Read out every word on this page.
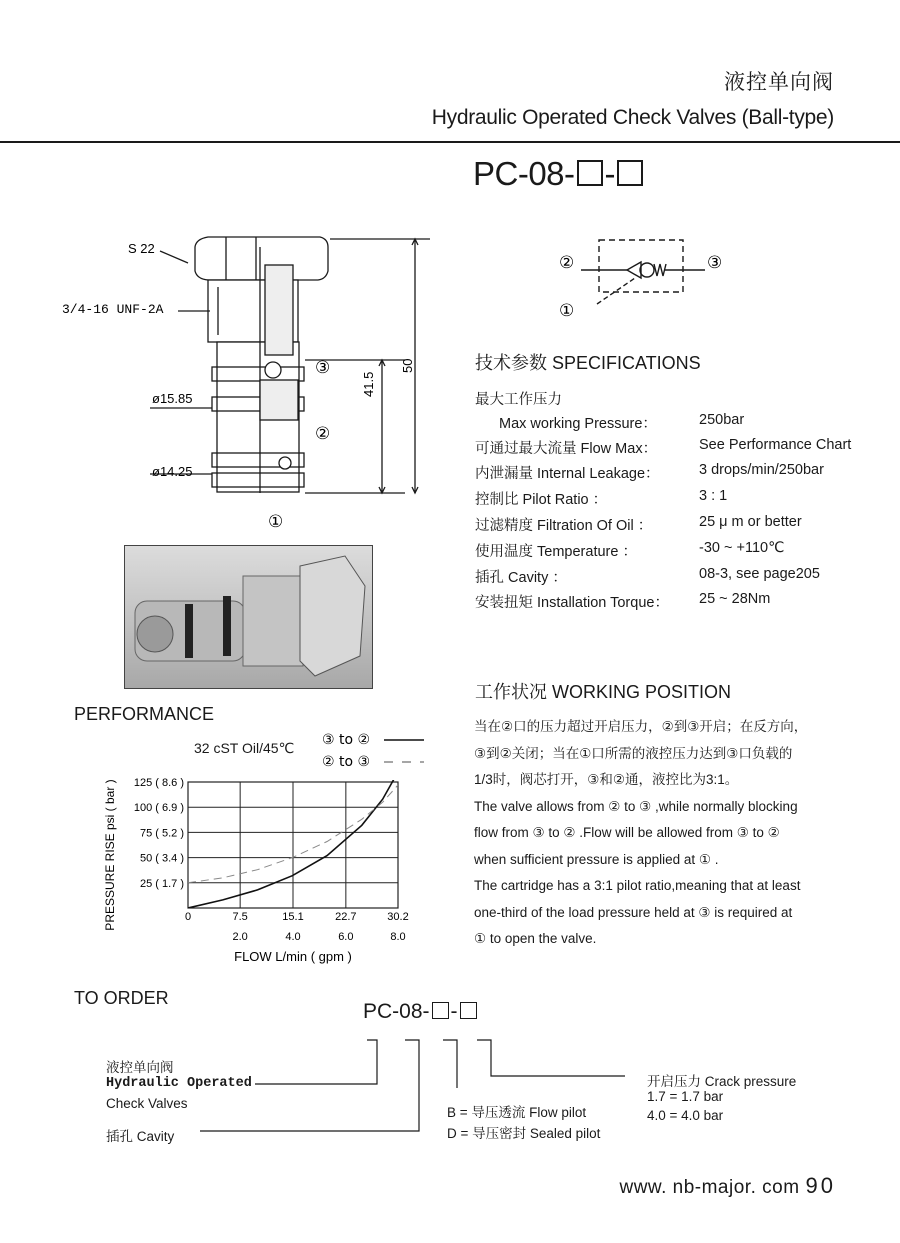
液控单向阀
Hydraulic Operated Check Valves (Ball-type)
PC-08- -
S 22
3/4-16 UNF-2A
ø15.85
ø14.25
41.5
50
③
②
①
②	③
①
技术参数 SPECIFICATIONS
最大工作压力
Max working Pressure：	250bar
可通过最大流量 Flow Max：	See Performance Chart
内泄漏量 Internal Leakage：	3 drops/min/250bar
控制比 Pilot Ratio ：	3 : 1
过滤精度 Filtration Of Oil ：	25 μ m or better
使用温度 Temperature ：	-30 ~ +110℃
插孔 Cavity ：	08-3, see page205
安装扭矩 Installation Torque： 25 ~ 28Nm
PERFORMANCE
32 cST Oil/45℃
125 ( 8.6 )
100 ( 6.9 )
75 ( 5.2 )
50 ( 3.4 )
25 ( 1.7 )
0	7.5	15.1	22.7	30.2
2.0	4.0	6.0	8.0
FLOW L/min ( gpm )
PRESSURE RISE psi ( bar )
③ to ②
② to ③
工作状况 WORKING POSITION
当在②口的压力超过开启压力，②到③开启；在反方向，
③到②关闭；当在①口所需的液控压力达到③口负载的
1/3时，阀芯打开，③和②通，液控比为3:1。
The valve allows from ② to ③ ,while normally blocking
flow from ③ to ② .Flow will be allowed from ③ to ②
when sufficient pressure is applied at ① .
The cartridge has a 3:1 pilot ratio,meaning that at least
one-third of the load pressure held at ③ is required at
① to open the valve.
TO ORDER
PC-08- -
液控单向阀
Hydraulic Operated
Check Valves
插孔 Cavity
B = 导压透流 Flow pilot
D = 导压密封 Sealed pilot
开启压力 Crack pressure
1.7 = 1.7 bar
4.0 = 4.0 bar
www. nb-major. com 90
